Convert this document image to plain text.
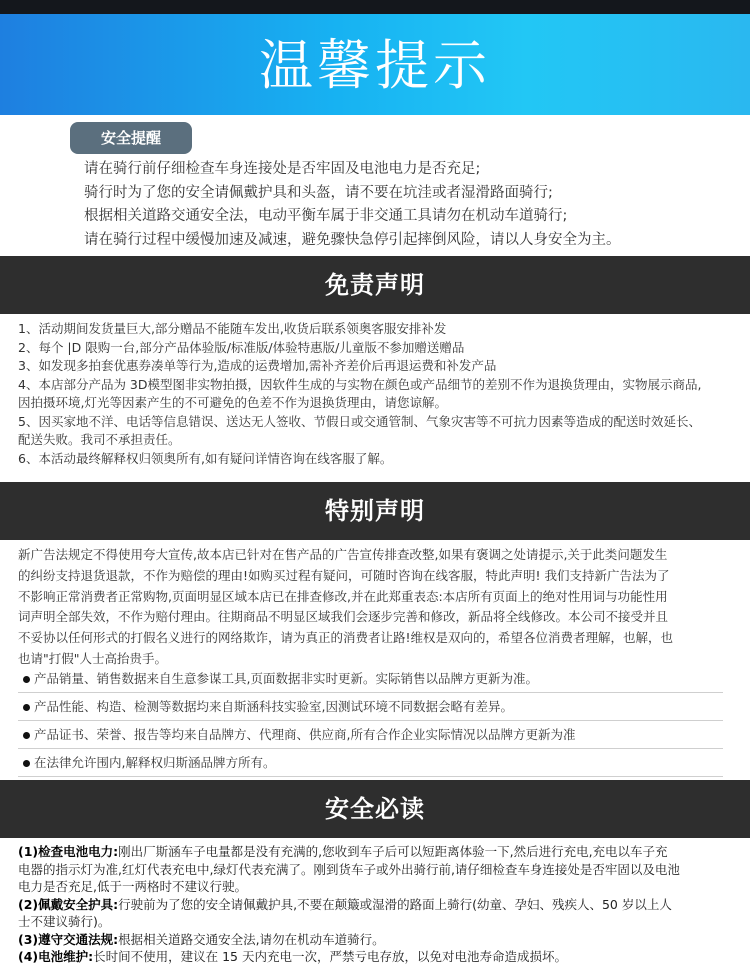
温馨提示
安全提醒
请在骑行前仔细检查车身连接处是否牢固及电池电力是否充足;
骑行时为了您的安全请佩戴护具和头盔，请不要在坑洼或者湿滑路面骑行;
根据相关道路交通安全法，电动平衡车属于非交通工具请勿在机动车道骑行;
请在骑行过程中缓慢加速及减速，避免骤快急停引起摔倒风险，请以人身安全为主。
免责声明
1、活动期间发货量巨大,部分赠品不能随车发出,收货后联系领奥客服安排补发
2、每个 |D 限购一台,部分产品体验版/标准版/体验特惠版/儿童版不参加赠送赠品
3、如发现多拍套优惠券凑单等行为,造成的运费增加,需补齐差价后再退运费和补发产品
4、本店部分产品为 3D模型图非实物拍摄，因软件生成的与实物在颜色或产品细节的差别不作为退换货理由，实物展示商品,
因拍摄环境,灯光等因素产生的不可避免的色差不作为退换货理由，请您谅解。
5、因买家地不洋、电话等信息错误、送达无人签收、节假日或交通管制、气象灾害等不可抗力因素等造成的配送时效延长、
配送失败。我司不承担责任。
6、本活动最终解释权归领奥所有,如有疑问详情咨询在线客服了解。
特别声明
新广告法规定不得使用夸大宣传,故本店已针对在售产品的广告宣传排查改整,如果有褒调之处请提示,关于此类问题发生
的纠纷支持退货退款，不作为赔偿的理由!如购买过程有疑问，可随时咨询在线客服，特此声明! 我们支持新广告法为了
不影响正常消费者正常购物,页面明显区域本店已在排查修改,并在此郑重表态:本店所有页面上的绝对性用词与功能性用
词声明全部失效，不作为赔付理由。往期商品不明显区域我们会逐步完善和修改，新品将全线修改。本公司不接受并且
不妥协以任何形式的打假名义进行的网络欺诈，请为真正的消费者让路!维权是双向的，希望各位消费者理解，也解，也
也请"打假"人士高抬贵手。
产品销量、销售数据来自生意参谋工具,页面数据非实时更新。实际销售以品牌方更新为准。
产品性能、构造、检测等数据均来自斯涵科技实验室,因测试环境不同数据会略有差异。
产品证书、荣誉、报告等均来自品牌方、代理商、供应商,所有合作企业实际情况以品牌方更新为准
在法律允许围内,解释权归斯涵品牌方所有。
安全必读
(1)检查电池电力:刚出厂斯涵车子电量都是没有充满的,您收到车子后可以短距离体验一下,然后进行充电,充电以车子充
电器的指示灯为准,红灯代表充电中,绿灯代表充满了。刚到货车子或外出骑行前,请仔细检查车身连接处是否牢固以及电池
电力是否充足,低于一两格时不建议行驶。
(2)佩戴安全护具:行驶前为了您的安全请佩戴护具,不要在颠簸或湿滑的路面上骑行(幼童、孕妇、残疾人、50 岁以上人
士不建议骑行)。
(3)遵守交通法规:根据相关道路交通安全法,请勿在机动车道骑行。
(4)电池维护:长时间不使用，建议在 15 天内充电一次，严禁亏电存放，以免对电池寿命造成损坏。
